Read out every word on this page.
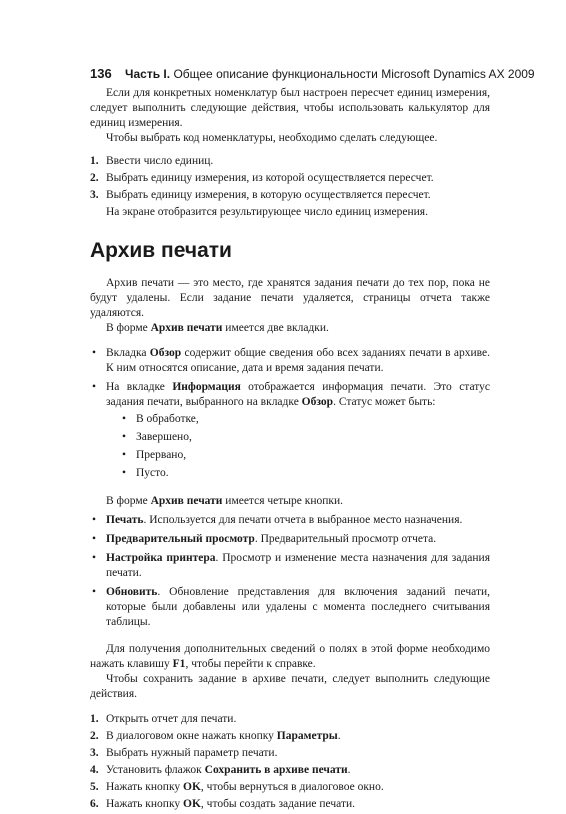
136 Часть I. Общее описание функциональности Microsoft Dynamics AX 2009

Если для конкретных номенклатур был настроен пересчет единиц измерения, следует выполнить следующие действия, чтобы использовать калькулятор для единиц измерения.

Чтобы выбрать код номенклатуры, необходимо сделать следующее.

1. Ввести число единиц.
2. Выбрать единицу измерения, из которой осуществляется пересчет.
3. Выбрать единицу измерения, в которую осуществляется пересчет.

На экране отобразится результирующее число единиц измерения.

Архив печати

Архив печати — это место, где хранятся задания печати до тех пор, пока не будут удалены. Если задание печати удаляется, страницы отчета также удаляются.

В форме Архив печати имеется две вкладки.

• Вкладка Обзор содержит общие сведения обо всех заданиях печати в архиве. К ним относятся описание, дата и время задания печати.
• На вкладке Информация отображается информация печати. Это статус задания печати, выбранного на вкладке Обзор. Статус может быть:
• В обработке,
• Завершено,
• Прервано,
• Пусто.

В форме Архив печати имеется четыре кнопки.

• Печать. Используется для печати отчета в выбранное место назначения.
• Предварительный просмотр. Предварительный просмотр отчета.
• Настройка принтера. Просмотр и изменение места назначения для задания печати.
• Обновить. Обновление представления для включения заданий печати, которые были добавлены или удалены с момента последнего считывания таблицы.

Для получения дополнительных сведений о полях в этой форме необходимо нажать клавишу F1, чтобы перейти к справке.

Чтобы сохранить задание в архиве печати, следует выполнить следующие действия.

1. Открыть отчет для печати.
2. В диалоговом окне нажать кнопку Параметры.
3. Выбрать нужный параметр печати.
4. Установить флажок Сохранить в архиве печати.
5. Нажать кнопку OK, чтобы вернуться в диалоговое окно.
6. Нажать кнопку OK, чтобы создать задание печати.
